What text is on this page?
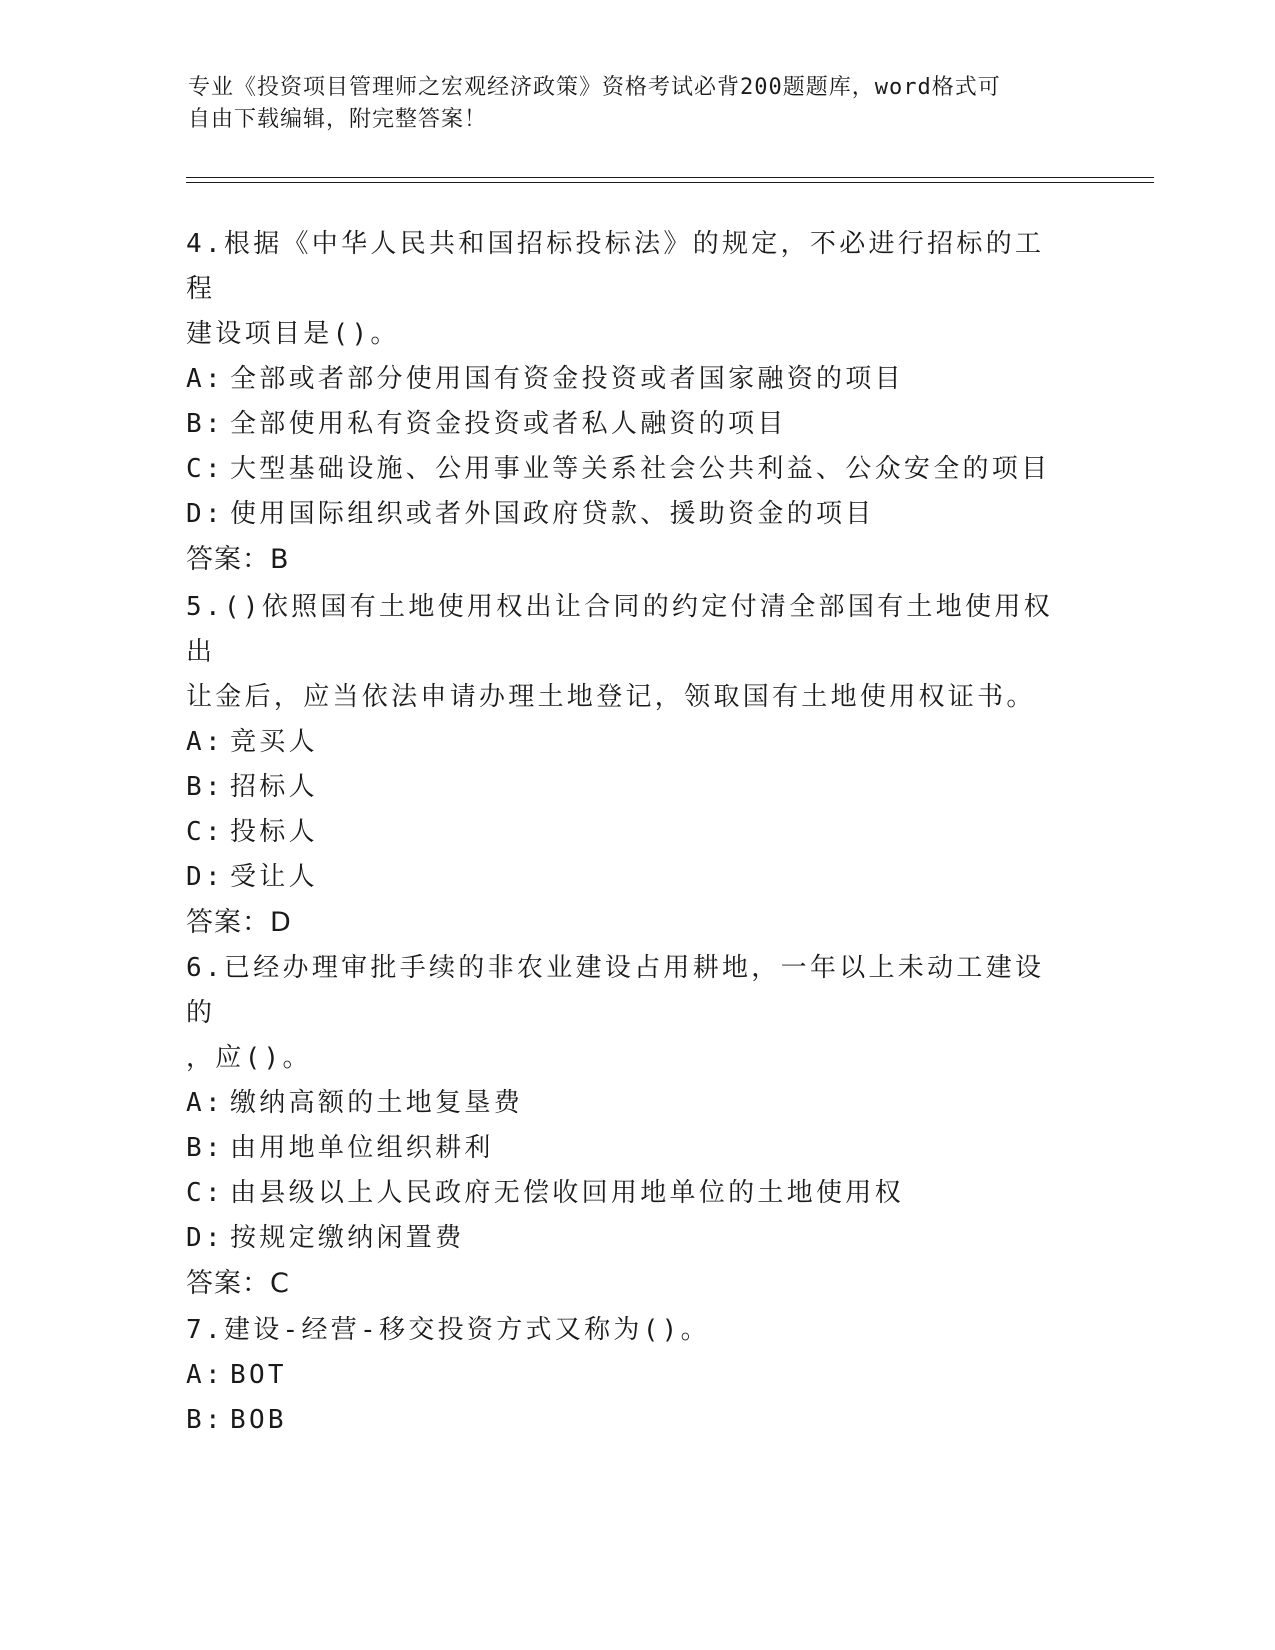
专业《投资项目管理师之宏观经济政策》资格考试必背200题题库，word格式可
自由下载编辑，附完整答案！

4.根据《中华人民共和国招标投标法》的规定，不必进行招标的工程

建设项目是()。

A: 全部或者部分使用国有资金投资或者国家融资的项目

B: 全部使用私有资金投资或者私人融资的项目

C: 大型基础设施、公用事业等关系社会公共利益、公众安全的项目

D: 使用国际组织或者外国政府贷款、援助资金的项目

答案：B

5.()依照国有土地使用权出让合同的约定付清全部国有土地使用权出

让金后，应当依法申请办理土地登记，领取国有土地使用权证书。

A: 竞买人

B: 招标人

C: 投标人

D: 受让人

答案：D

6.已经办理审批手续的非农业建设占用耕地，一年以上未动工建设的

，应()。

A: 缴纳高额的土地复垦费

B: 由用地单位组织耕利

C: 由县级以上人民政府无偿收回用地单位的土地使用权

D: 按规定缴纳闲置费

答案：C

7.建设-经营-移交投资方式又称为()。

A: BOT

B: BOB
